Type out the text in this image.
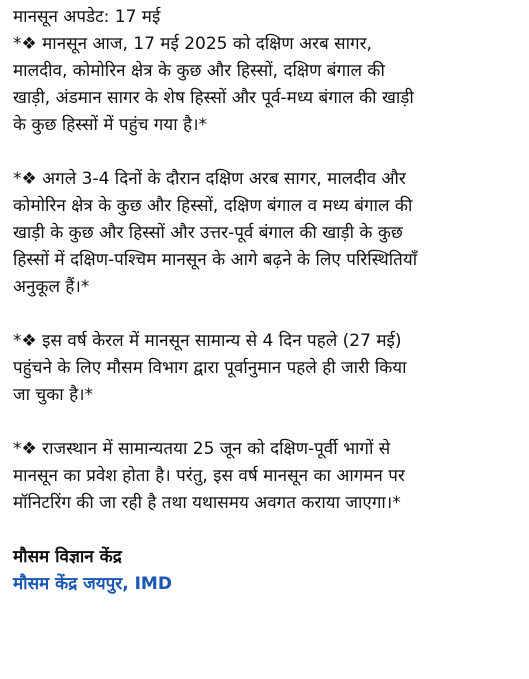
मानसून अपडेट: 17 मई
*❖ मानसून आज, 17 मई 2025 को दक्षिण अरब सागर,
मालदीव, कोमोरिन क्षेत्र के कुछ और हिस्सों, दक्षिण बंगाल की
खाड़ी, अंडमान सागर के शेष हिस्सों और पूर्व-मध्य बंगाल की खाड़ी
के कुछ हिस्सों में पहुंच गया है।*
*❖ अगले 3-4 दिनों के दौरान दक्षिण अरब सागर, मालदीव और
कोमोरिन क्षेत्र के कुछ और हिस्सों, दक्षिण बंगाल व मध्य बंगाल की
खाड़ी के कुछ और हिस्सों और उत्तर-पूर्व बंगाल की खाड़ी के कुछ
हिस्सों में दक्षिण-पश्चिम मानसून के आगे बढ़ने के लिए परिस्थितियाँ
अनुकूल हैं।*
*❖ इस वर्ष केरल में मानसून सामान्य से 4 दिन पहले (27 मई)
पहुंचने के लिए मौसम विभाग द्वारा पूर्वानुमान पहले ही जारी किया
जा चुका है।*
*❖ राजस्थान में सामान्यतया 25 जून को दक्षिण-पूर्वी भागों से
मानसून का प्रवेश होता है। परंतु, इस वर्ष मानसून का आगमन पर
मॉनिटरिंग की जा रही है तथा यथासमय अवगत कराया जाएगा।*
मौसम विज्ञान केंद्र
मौसम केंद्र जयपुर, IMD
